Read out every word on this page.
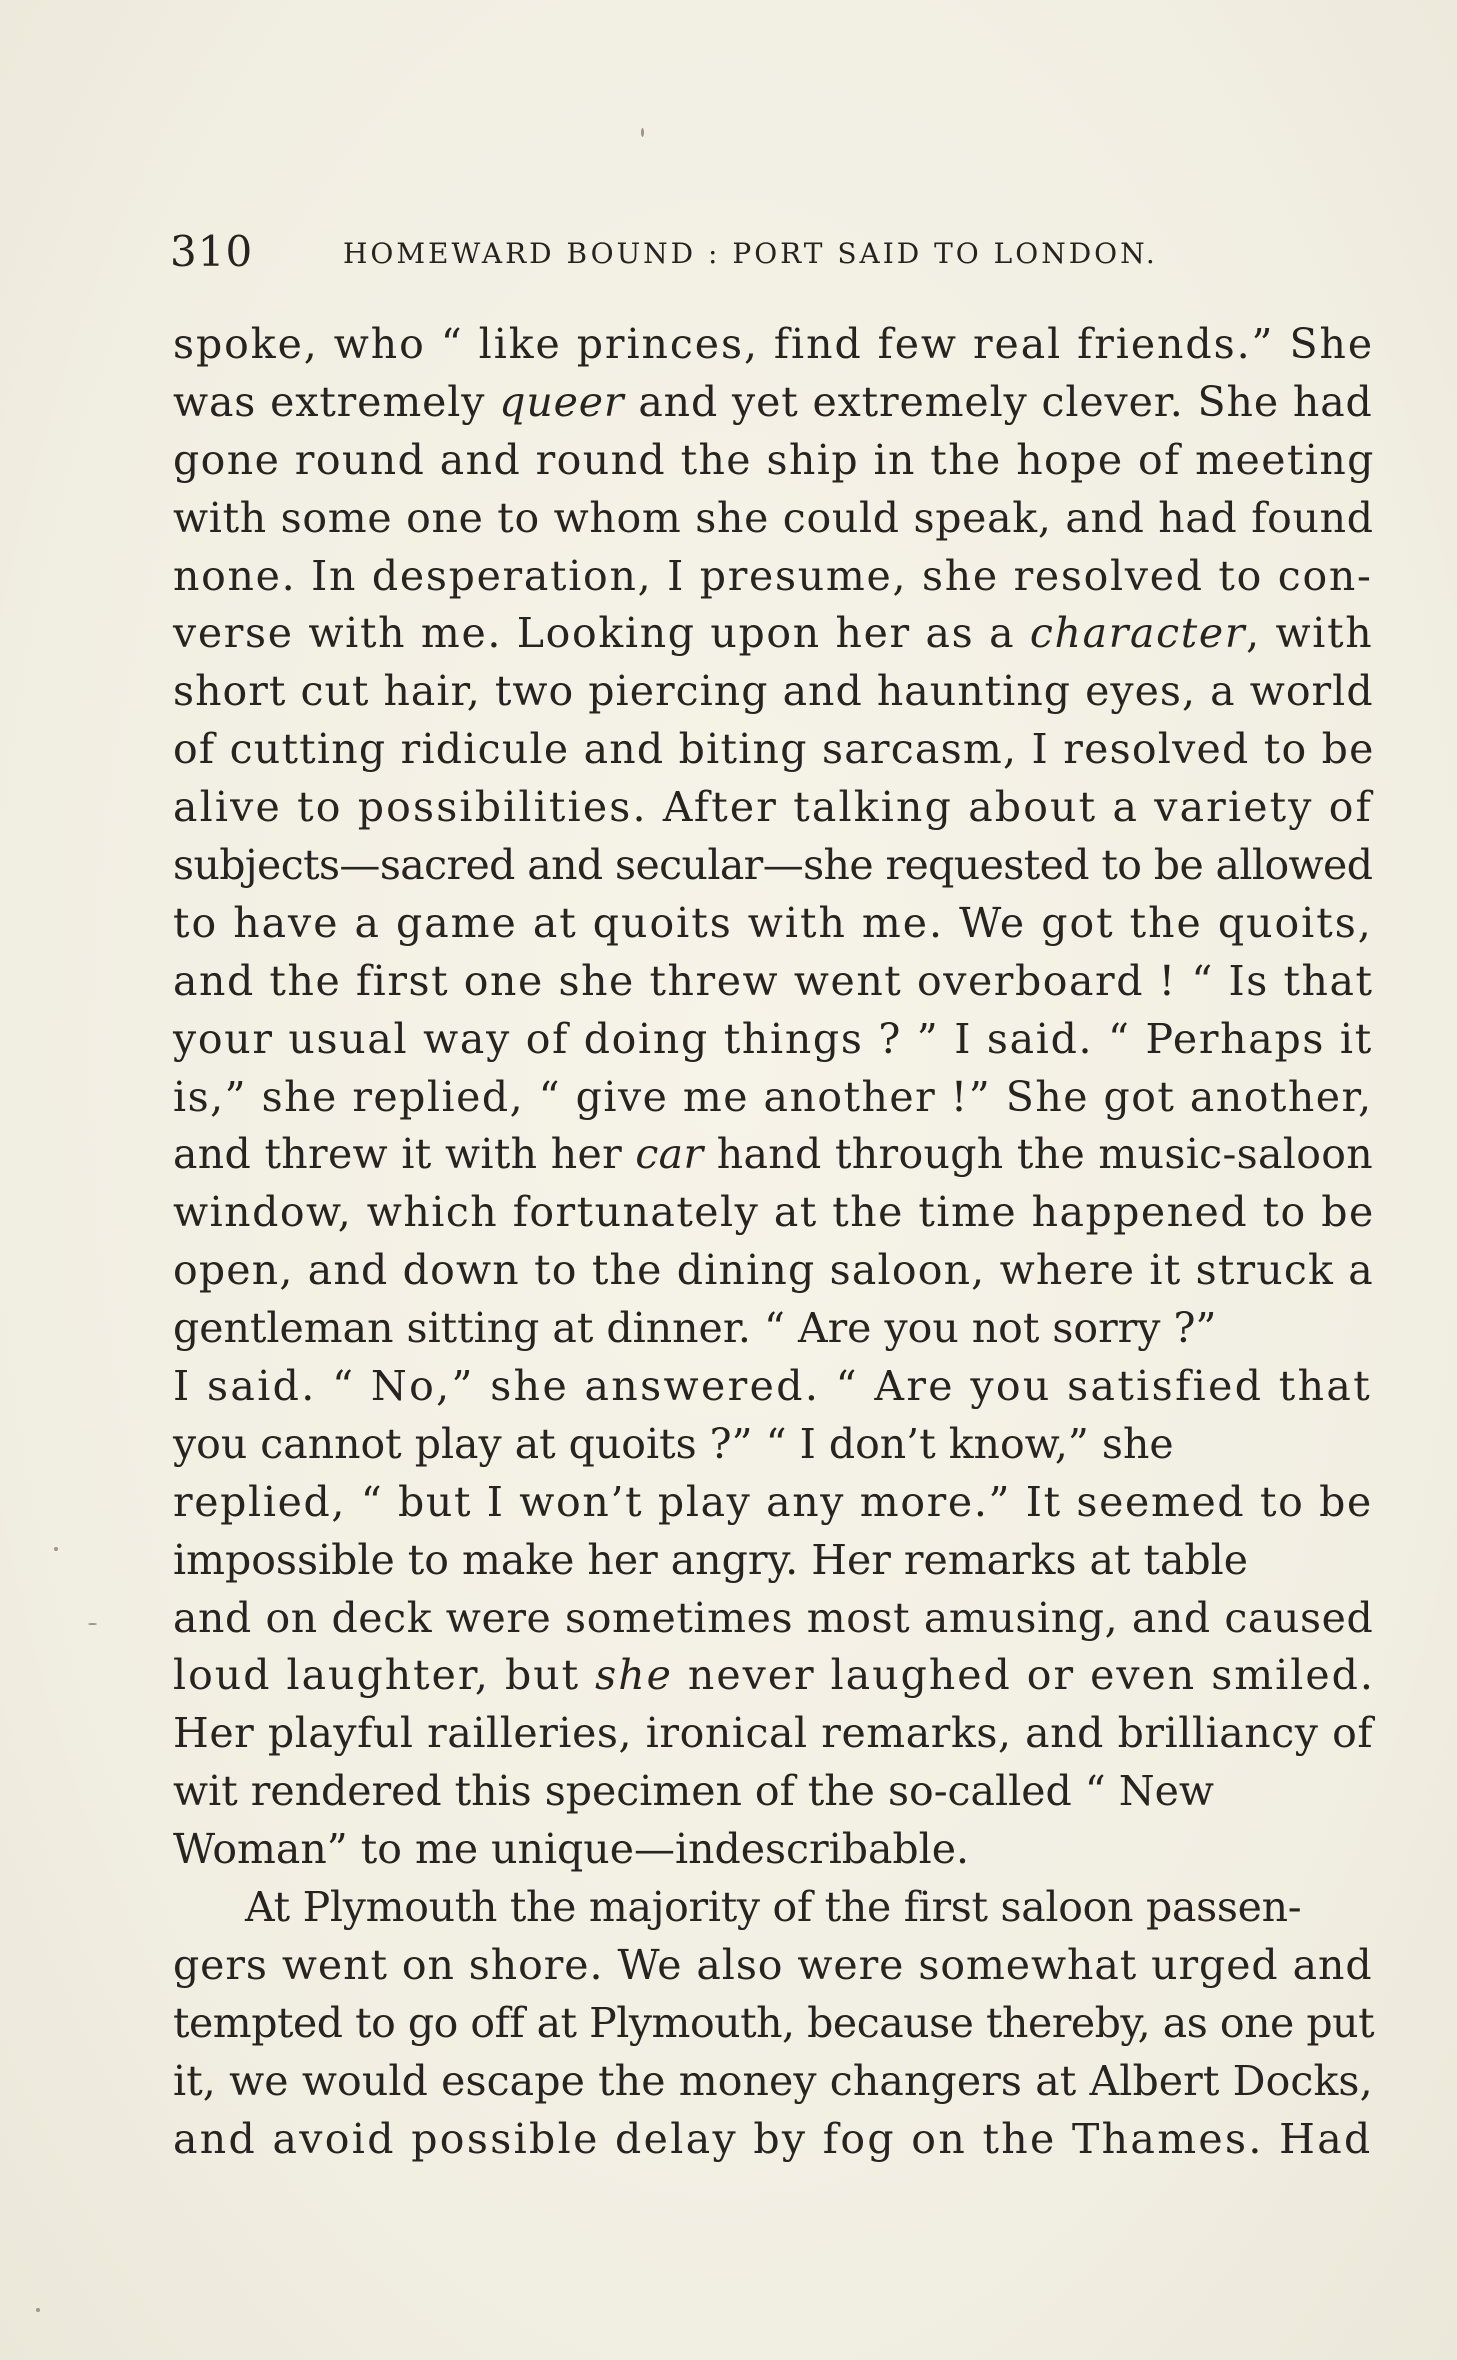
310	HOMEWARD BOUND : PORT SAID TO LONDON.
spoke, who “ like princes, find few real friends.” She
was extremely queer and yet extremely clever. She had
gone round and round the ship in the hope of meeting
with some one to whom she could speak, and had found
none. In desperation, I presume, she resolved to con-
verse with me. Looking upon her as a character, with
short cut hair, two piercing and haunting eyes, a world
of cutting ridicule and biting sarcasm, I resolved to be
alive to possibilities. After talking about a variety of
subjects—sacred and secular—she requested to be allowed
to have a game at quoits with me. We got the quoits,
and the first one she threw went overboard ! “ Is that
your usual way of doing things ? ” I said. “ Perhaps it
is,” she replied, “ give me another !” She got another,
and threw it with her car hand through the music-saloon
window, which fortunately at the time happened to be
open, and down to the dining saloon, where it struck a
gentleman sitting at dinner. “ Are you not sorry ?”
I said. “ No,” she answered. “ Are you satisfied that
you cannot play at quoits ?” “ I don’t know,” she
replied, “ but I won’t play any more.” It seemed to be
impossible to make her angry. Her remarks at table
and on deck were sometimes most amusing, and caused
loud laughter, but she never laughed or even smiled.
Her playful railleries, ironical remarks, and brilliancy of
wit rendered this specimen of the so-called “ New
Woman” to me unique—indescribable.
At Plymouth the majority of the first saloon passen-
gers went on shore. We also were somewhat urged and
tempted to go off at Plymouth, because thereby, as one put
it, we would escape the money changers at Albert Docks,
and avoid possible delay by fog on the Thames. Had
